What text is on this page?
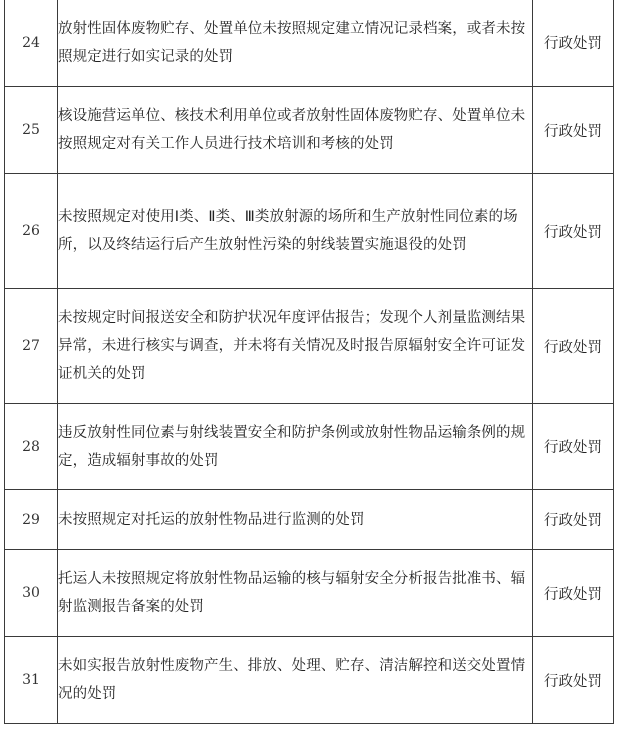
24	放射性固体废物贮存、处置单位未按照规定建立情况记录档案，或者未按照规定进行如实记录的处罚	行政处罚
25	核设施营运单位、核技术利用单位或者放射性固体废物贮存、处置单位未按照规定对有关工作人员进行技术培训和考核的处罚	行政处罚
26	未按照规定对使用Ⅰ类、Ⅱ类、Ⅲ类放射源的场所和生产放射性同位素的场所，以及终结运行后产生放射性污染的射线装置实施退役的处罚	行政处罚
27	未按规定时间报送安全和防护状况年度评估报告；发现个人剂量监测结果异常，未进行核实与调查，并未将有关情况及时报告原辐射安全许可证发证机关的处罚	行政处罚
28	违反放射性同位素与射线装置安全和防护条例或放射性物品运输条例的规定，造成辐射事故的处罚	行政处罚
29	未按照规定对托运的放射性物品进行监测的处罚	行政处罚
30	托运人未按照规定将放射性物品运输的核与辐射安全分析报告批准书、辐射监测报告备案的处罚	行政处罚
31	未如实报告放射性废物产生、排放、处理、贮存、清洁解控和送交处置情况的处罚	行政处罚
